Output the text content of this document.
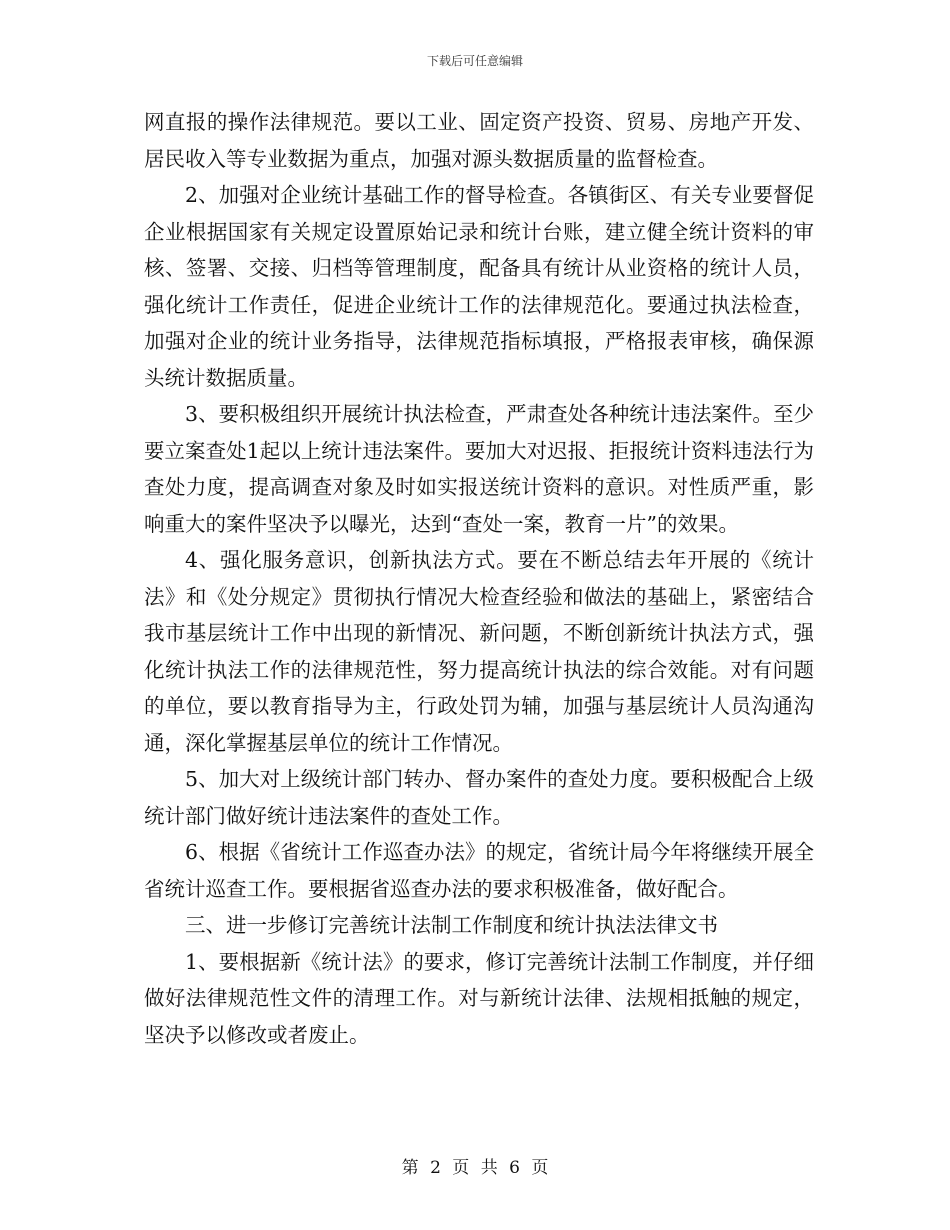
下载后可任意编辑

网直报的操作法律规范。要以工业、固定资产投资、贸易、房地产开发、居民收入等专业数据为重点，加强对源头数据质量的监督检查。

2、加强对企业统计基础工作的督导检查。各镇街区、有关专业要督促企业根据国家有关规定设置原始记录和统计台账，建立健全统计资料的审核、签署、交接、归档等管理制度，配备具有统计从业资格的统计人员，强化统计工作责任，促进企业统计工作的法律规范化。要通过执法检查，加强对企业的统计业务指导，法律规范指标填报，严格报表审核，确保源头统计数据质量。

3、要积极组织开展统计执法检查，严肃查处各种统计违法案件。至少要立案查处1起以上统计违法案件。要加大对迟报、拒报统计资料违法行为查处力度，提高调查对象及时如实报送统计资料的意识。对性质严重，影响重大的案件坚决予以曝光，达到“查处一案，教育一片”的效果。

4、强化服务意识，创新执法方式。要在不断总结去年开展的《统计法》和《处分规定》贯彻执行情况大检查经验和做法的基础上，紧密结合我市基层统计工作中出现的新情况、新问题，不断创新统计执法方式，强化统计执法工作的法律规范性，努力提高统计执法的综合效能。对有问题的单位，要以教育指导为主，行政处罚为辅，加强与基层统计人员沟通沟通，深化掌握基层单位的统计工作情况。

5、加大对上级统计部门转办、督办案件的查处力度。要积极配合上级统计部门做好统计违法案件的查处工作。

6、根据《省统计工作巡查办法》的规定，省统计局今年将继续开展全省统计巡查工作。要根据省巡查办法的要求积极准备，做好配合。

三、进一步修订完善统计法制工作制度和统计执法法律文书

1、要根据新《统计法》的要求，修订完善统计法制工作制度，并仔细做好法律规范性文件的清理工作。对与新统计法律、法规相抵触的规定，坚决予以修改或者废止。

第 2 页 共 6 页
